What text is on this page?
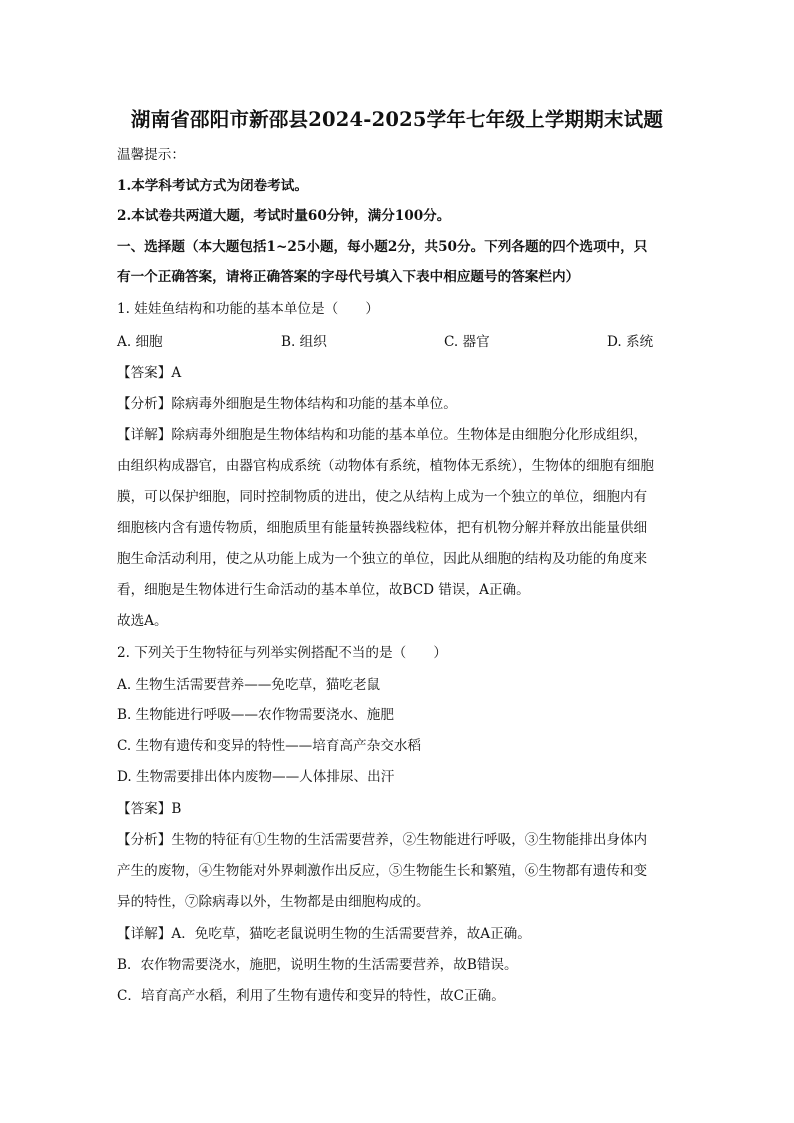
湖南省邵阳市新邵县2024-2025学年七年级上学期期末试题
温馨提示：
1.本学科考试方式为闭卷考试。
2.本试卷共两道大题，考试时量60分钟，满分100分。
一、选择题（本大题包括1~25小题，每小题2分，共50分。下列各题的四个选项中，只
有一个正确答案，请将正确答案的字母代号填入下表中相应题号的答案栏内）
1. 娃娃鱼结构和功能的基本单位是（　　）
A. 细胞	B. 组织	C. 器官	D. 系统
【答案】A
【分析】除病毒外细胞是生物体结构和功能的基本单位。
【详解】除病毒外细胞是生物体结构和功能的基本单位。生物体是由细胞分化形成组织，
由组织构成器官，由器官构成系统（动物体有系统，植物体无系统），生物体的细胞有细胞
膜，可以保护细胞，同时控制物质的进出，使之从结构上成为一个独立的单位，细胞内有
细胞核内含有遗传物质，细胞质里有能量转换器线粒体，把有机物分解并释放出能量供细
胞生命活动利用，使之从功能上成为一个独立的单位，因此从细胞的结构及功能的角度来
看，细胞是生物体进行生命活动的基本单位，故BCD 错误，A正确。
故选A。
2. 下列关于生物特征与列举实例搭配不当的是（　　）
A. 生物生活需要营养——免吃草，猫吃老鼠
B. 生物能进行呼吸——农作物需要浇水、施肥
C. 生物有遗传和变异的特性——培育高产杂交水稻
D. 生物需要排出体内废物——人体排尿、出汗
【答案】B
【分析】生物的特征有①生物的生活需要营养，②生物能进行呼吸，③生物能排出身体内
产生的废物，④生物能对外界刺激作出反应，⑤生物能生长和繁殖，⑥生物都有遗传和变
异的特性，⑦除病毒以外，生物都是由细胞构成的。
【详解】A．免吃草，猫吃老鼠说明生物的生活需要营养，故A正确。
B．农作物需要浇水，施肥，说明生物的生活需要营养，故B错误。
C．培育高产水稻，利用了生物有遗传和变异的特性，故C正确。
